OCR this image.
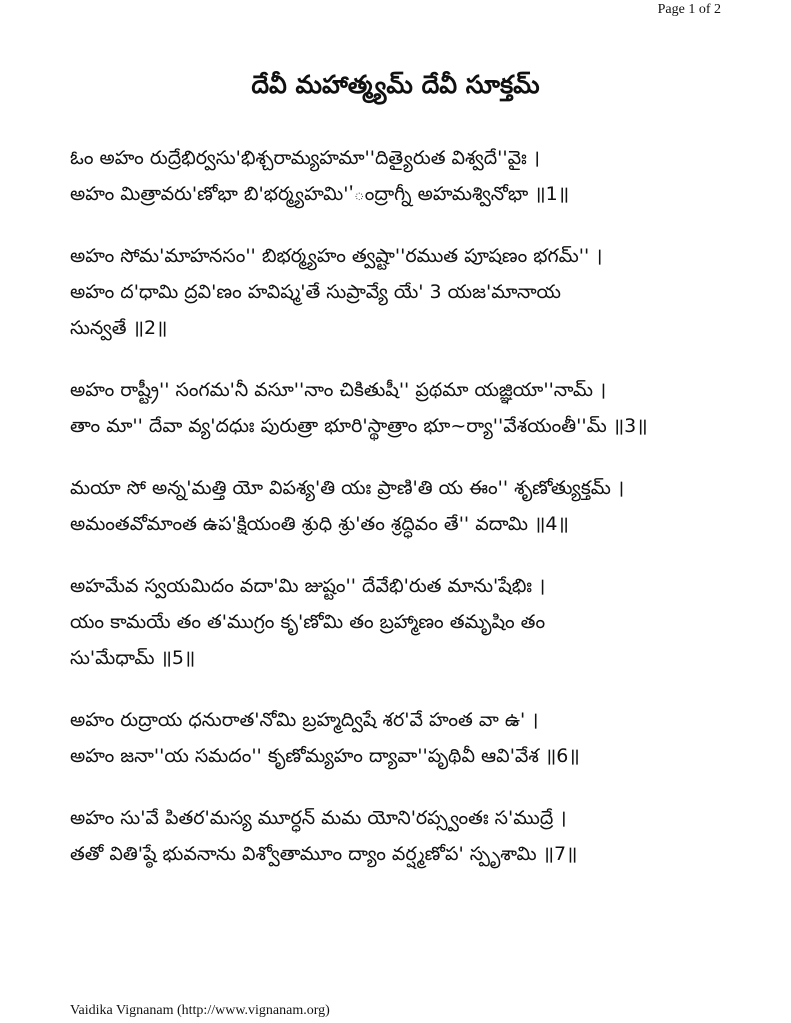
Page 1 of 2
దేవీ మహాత్మ్యమ్ దేవీ సూక్తమ్
ఓం అహం రుద్రేభిర్వసు'భిశ్చరామ్యహమా''దిత్యైరుత విశ్వదే''వైః ।
అహం మిత్రావరు'ణోభా బి'భర్మ్యహమి''ంద్రాగ్నీ అహమశ్వినోభా ॥1॥
అహం సోమ'మాహనసం'' బిభర్మ్యహం త్వష్టా''రముత పూషణం భగమ్'' ।
అహం ద'ధామి ద్రవి'ణం హవిష్మ'తే సుప్రావ్యే యే' 3 యజ'మానాయ
సున్వతే ॥2॥
అహం రాష్ట్రీ'' సంగమ'నీ వసూ''నాం చికితుషీ'' ప్రథమా యజ్ఞియా''నామ్ ।
తాం మా'' దేవా వ్య'దధుః పురుత్రా భూరి'స్థాత్రాం భూ~ర్యా''వేశయంతీ''మ్ ॥3॥
మయా సో అన్న'మత్తి యో విపశ్య'తి యః ప్రాణి'తి య ఈం'' శృణోత్యుక్తమ్ ।
అమంతవోమాంత ఉప'క్షియంతి శ్రుధి శ్రు'తం శ్రద్ధివం తే'' వదామి ॥4॥
అహమేవ స్వయమిదం వదా'మి జుష్టం'' దేవేభి'రుత మాను'షేభిః ।
యం కామయే తం త'ముగ్రం కృ'ణోమి తం బ్రహ్మాణం తమృషిం తం
సు'మేధామ్ ॥5॥
అహం రుద్రాయ ధనురాత'నోమి బ్రహ్మద్విషే శర'వే హంత వా ఉ' ।
అహం జనా''య సమదం'' కృణోమ్యహం ద్యావా''పృథివీ ఆవి'వేశ ॥6॥
అహం సు'వే పితర'మస్య మూర్ధన్ మమ యోని'రప్స్వంతః స'ముద్రే ।
తతో వితి'ష్ఠే భువనాను విశ్వోతామూం ద్యాం వర్ష్మణోప' స్పృశామి ॥7॥
Vaidika Vignanam (http://www.vignanam.org)
